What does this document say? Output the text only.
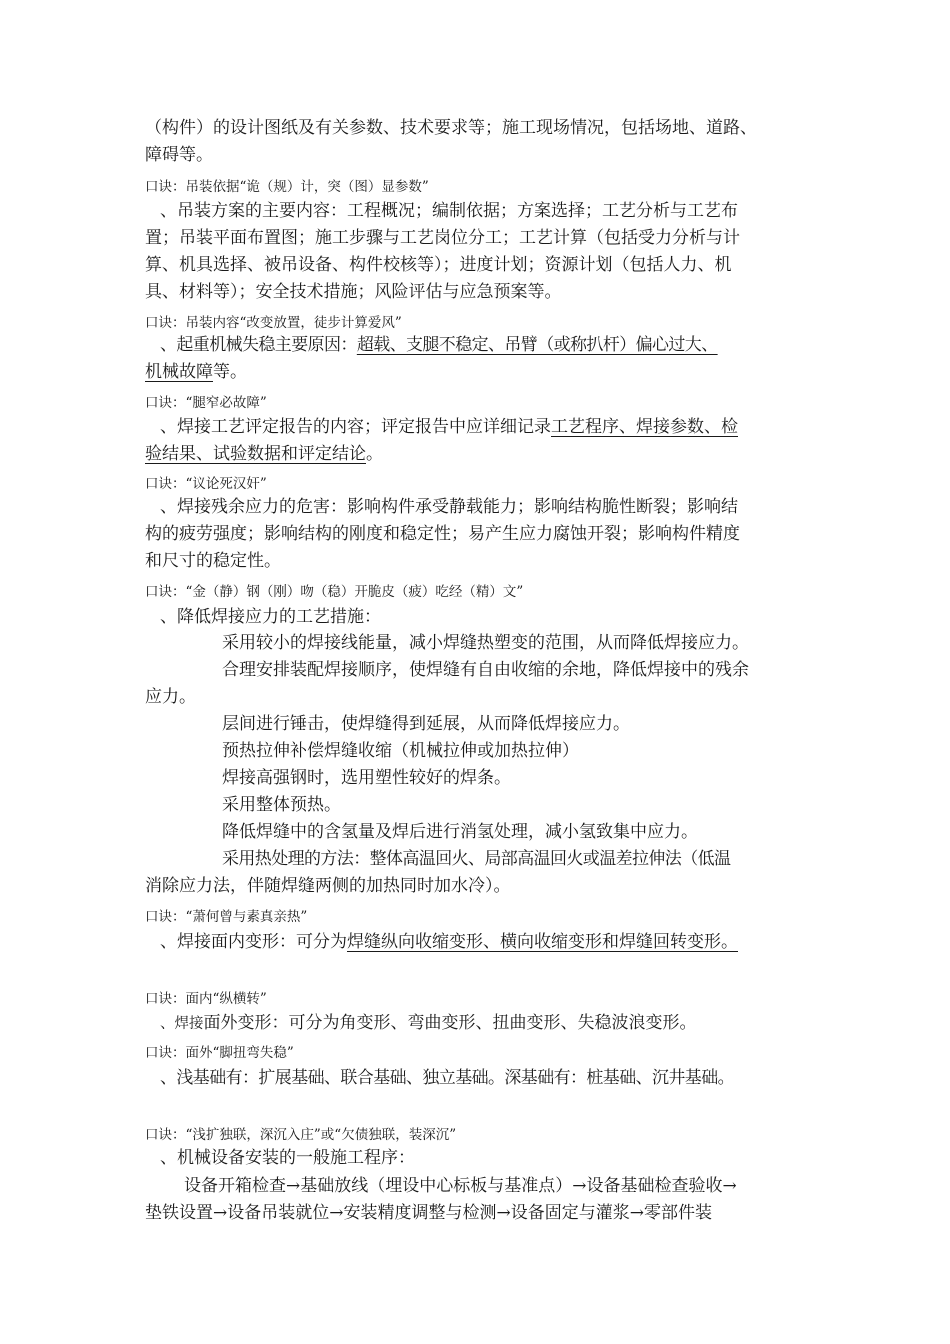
（构件）的设计图纸及有关参数、技术要求等；施工现场情况，包括场地、道路、
障碍等。
口诀：吊装依据“诡（规）计，突（图）显参数”
、吊装方案的主要内容：工程概况；编制依据；方案选择；工艺分析与工艺布
置；吊装平面布置图；施工步骤与工艺岗位分工；工艺计算（包括受力分析与计
算、机具选择、被吊设备、构件校核等）；进度计划；资源计划（包括人力、机
具、材料等）；安全技术措施；风险评估与应急预案等。
口诀：吊装内容“改变放置，徒步计算爱风”
、起重机械失稳主要原因：超载、支腿不稳定、吊臂（或称扒杆）偏心过大、
机械故障等。
口诀：“腿窄必故障”
、焊接工艺评定报告的内容；评定报告中应详细记录工艺程序、焊接参数、检
验结果、试验数据和评定结论。
口诀：“议论死汉奸”
、焊接残余应力的危害：影响构件承受静载能力；影响结构脆性断裂；影响结
构的疲劳强度；影响结构的刚度和稳定性；易产生应力腐蚀开裂；影响构件精度
和尺寸的稳定性。
口诀：“金（静）钢（刚）吻（稳）开脆皮（疲）吃经（精）文”
、降低焊接应力的工艺措施：
采用较小的焊接线能量，减小焊缝热塑变的范围，从而降低焊接应力。
合理安排装配焊接顺序，使焊缝有自由收缩的余地，降低焊接中的残余
应力。
层间进行锤击，使焊缝得到延展，从而降低焊接应力。
预热拉伸补偿焊缝收缩（机械拉伸或加热拉伸）
焊接高强钢时，选用塑性较好的焊条。
采用整体预热。
降低焊缝中的含氢量及焊后进行消氢处理，减小氢致集中应力。
采用热处理的方法：整体高温回火、局部高温回火或温差拉伸法（低温
消除应力法，伴随焊缝两侧的加热同时加水冷）。
口诀：“萧何曾与素真亲热”
、焊接面内变形：可分为焊缝纵向收缩变形、横向收缩变形和焊缝回转变形。
口诀：面内“纵横转”
、焊接面外变形：可分为角变形、弯曲变形、扭曲变形、失稳波浪变形。
口诀：面外“脚扭弯失稳”
、浅基础有：扩展基础、联合基础、独立基础。深基础有：桩基础、沉井基础。
口诀：“浅扩独联，深沉入庄”或“欠债独联，装深沉”
、机械设备安装的一般施工程序：
设备开箱检查→基础放线（埋设中心标板与基准点）→设备基础检查验收→
垫铁设置→设备吊装就位→安装精度调整与检测→设备固定与灌浆→零部件装
